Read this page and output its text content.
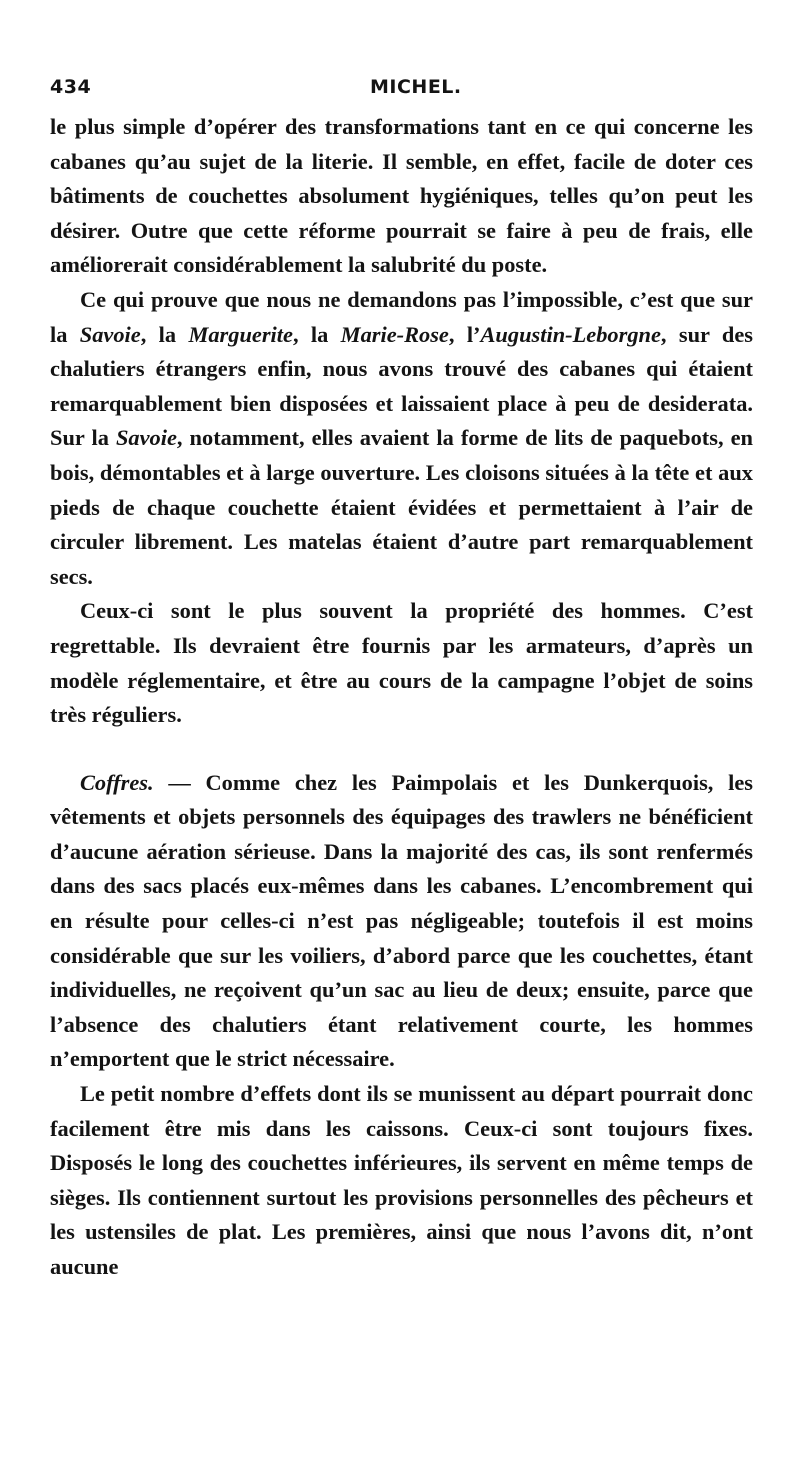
434	MICHEL.

le plus simple d’opérer des transformations tant en ce qui concerne les cabanes qu’au sujet de la literie. Il semble, en effet, facile de doter ces bâtiments de couchettes absolument hygiéniques, telles qu’on peut les désirer. Outre que cette réforme pourrait se faire à peu de frais, elle améliorerait considérablement la salubrité du poste.

Ce qui prouve que nous ne demandons pas l’impossible, c’est que sur la Savoie, la Marguerite, la Marie-Rose, l’Augustin-Leborgne, sur des chalutiers étrangers enfin, nous avons trouvé des cabanes qui étaient remarquablement bien disposées et laissaient place à peu de desiderata. Sur la Savoie, notamment, elles avaient la forme de lits de paquebots, en bois, démontables et à large ouverture. Les cloisons situées à la tête et aux pieds de chaque couchette étaient évidées et permettaient à l’air de circuler librement. Les matelas étaient d’autre part remarquablement secs.

Ceux-ci sont le plus souvent la propriété des hommes. C’est regrettable. Ils devraient être fournis par les armateurs, d’après un modèle réglementaire, et être au cours de la campagne l’objet de soins très réguliers.

Coffres. — Comme chez les Paimpolais et les Dunkerquois, les vêtements et objets personnels des équipages des trawlers ne bénéficient d’aucune aération sérieuse. Dans la majorité des cas, ils sont renfermés dans des sacs placés eux-mêmes dans les cabanes. L’encombrement qui en résulte pour celles-ci n’est pas négligeable; toutefois il est moins considérable que sur les voiliers, d’abord parce que les couchettes, étant individuelles, ne reçoivent qu’un sac au lieu de deux; ensuite, parce que l’absence des chalutiers étant relativement courte, les hommes n’emportent que le strict nécessaire.

Le petit nombre d’effets dont ils se munissent au départ pourrait donc facilement être mis dans les caissons. Ceux-ci sont toujours fixes. Disposés le long des couchettes inférieures, ils servent en même temps de sièges. Ils contiennent surtout les provisions personnelles des pêcheurs et les ustensiles de plat. Les premières, ainsi que nous l’avons dit, n’ont aucune
